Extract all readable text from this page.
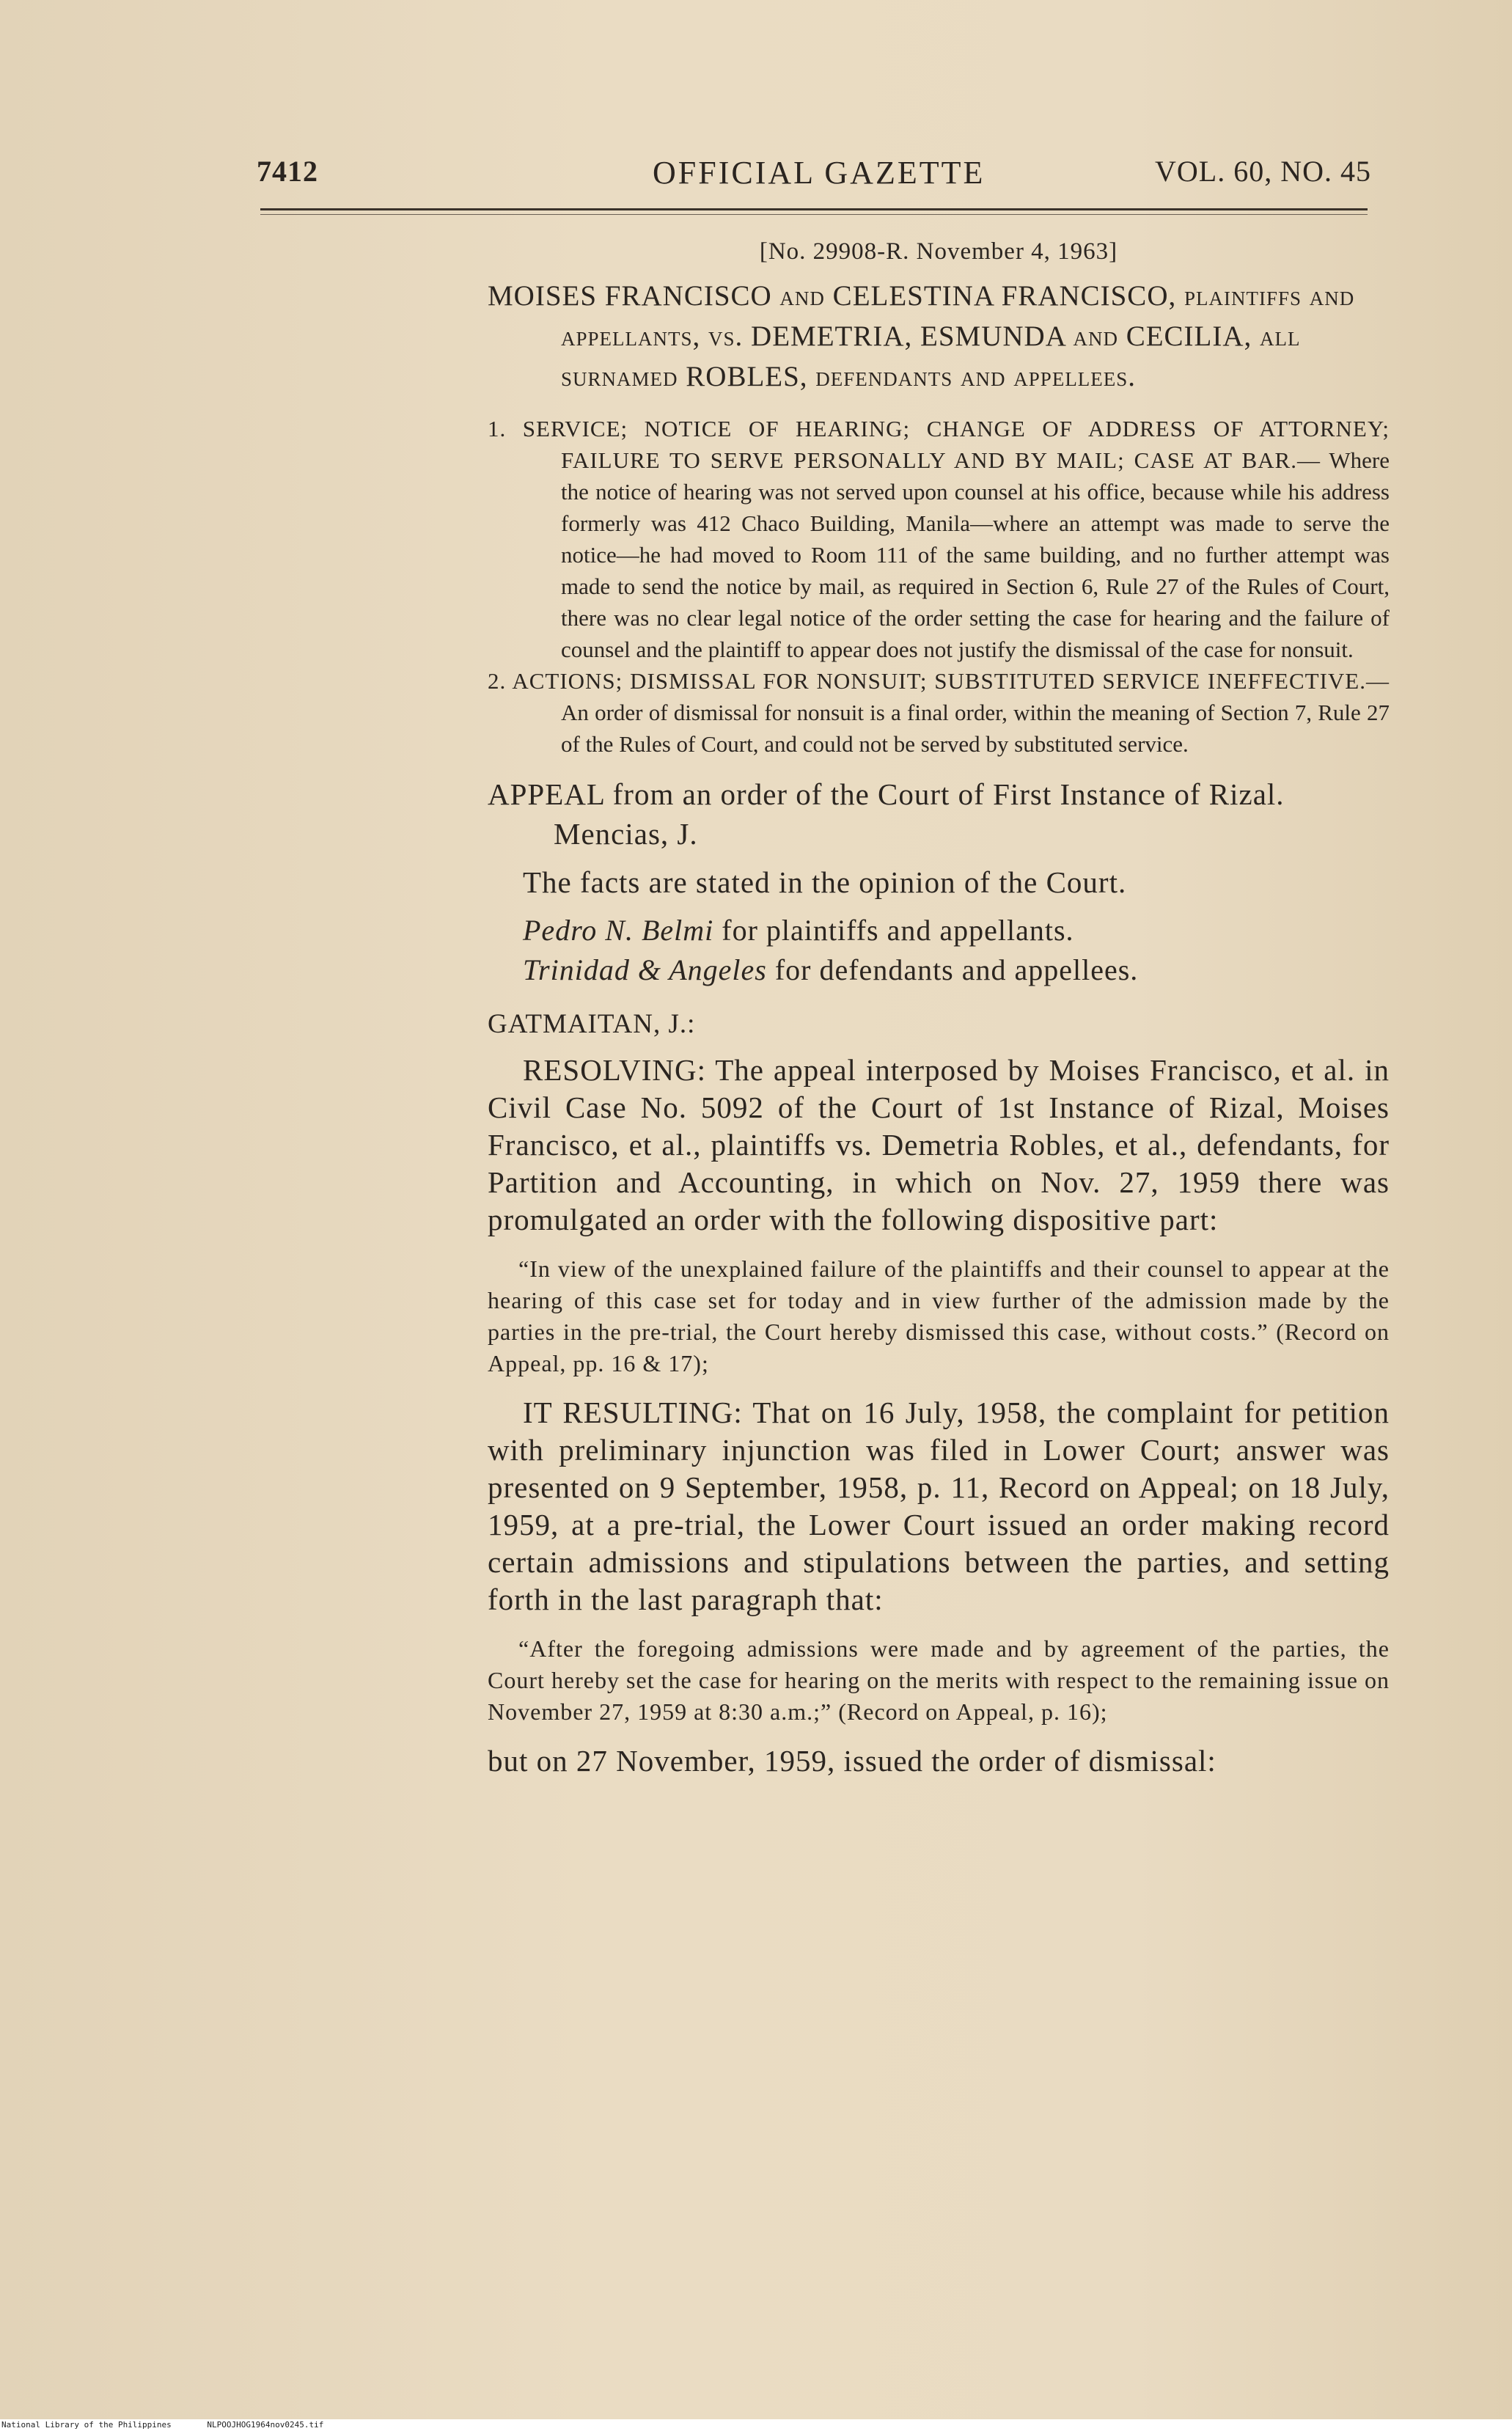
7412	OFFICIAL GAZETTE	VOL. 60, NO. 45

[No. 29908-R. November 4, 1963]

MOISES FRANCISCO and CELESTINA FRANCISCO, plaintiffs and appellants, vs. DEMETRIA, ESMUNDA and CECILIA, all surnamed ROBLES, defendants and appellees.

1. SERVICE; NOTICE OF HEARING; CHANGE OF ADDRESS OF ATTORNEY; FAILURE TO SERVE PERSONALLY AND BY MAIL; CASE AT BAR.— Where the notice of hearing was not served upon counsel at his office, because while his address formerly was 412 Chaco Building, Manila—where an attempt was made to serve the notice—he had moved to Room 111 of the same building, and no further attempt was made to send the notice by mail, as required in Section 6, Rule 27 of the Rules of Court, there was no clear legal notice of the order setting the case for hearing and the failure of counsel and the plaintiff to appear does not justify the dismissal of the case for nonsuit.

2. ACTIONS; DISMISSAL FOR NONSUIT; SUBSTITUTED SERVICE INEFFECTIVE.— An order of dismissal for nonsuit is a final order, within the meaning of Section 7, Rule 27 of the Rules of Court, and could not be served by substituted service.

APPEAL from an order of the Court of First Instance of Rizal. Mencias, J.

The facts are stated in the opinion of the Court.

Pedro N. Belmi for plaintiffs and appellants.

Trinidad & Angeles for defendants and appellees.

GATMAITAN, J.:

RESOLVING: The appeal interposed by Moises Francisco, et al. in Civil Case No. 5092 of the Court of 1st Instance of Rizal, Moises Francisco, et al., plaintiffs vs. Demetria Robles, et al., defendants, for Partition and Accounting, in which on Nov. 27, 1959 there was promulgated an order with the following dispositive part:

“In view of the unexplained failure of the plaintiffs and their counsel to appear at the hearing of this case set for today and in view further of the admission made by the parties in the pre-trial, the Court hereby dismissed this case, without costs.” (Record on Appeal, pp. 16 & 17);

IT RESULTING: That on 16 July, 1958, the complaint for petition with preliminary injunction was filed in Lower Court; answer was presented on 9 September, 1958, p. 11, Record on Appeal; on 18 July, 1959, at a pre-trial, the Lower Court issued an order making record certain admissions and stipulations between the parties, and setting forth in the last paragraph that:

“After the foregoing admissions were made and by agreement of the parties, the Court hereby set the case for hearing on the merits with respect to the remaining issue on November 27, 1959 at 8:30 a.m.;” (Record on Appeal, p. 16);

but on 27 November, 1959, issued the order of dismissal:

National Library of the Philippines	NLPOOJHOG1964nov0245.tif
